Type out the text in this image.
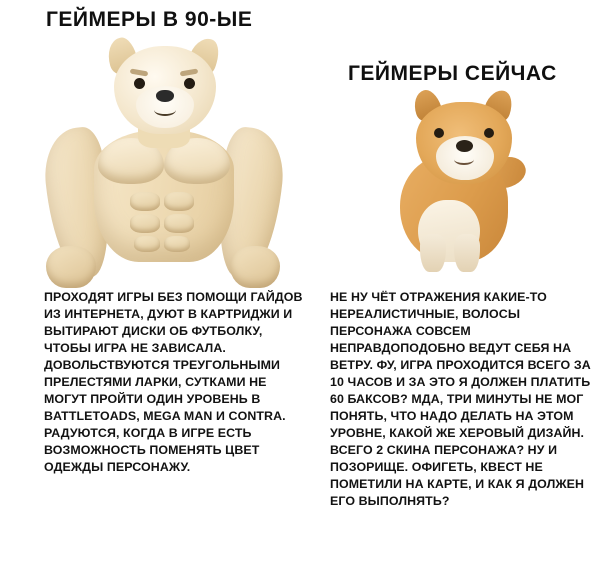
ГЕЙМЕРЫ В 90-ЫЕ
ПРОХОДЯТ ИГРЫ БЕЗ ПОМОЩИ ГАЙДОВ ИЗ ИНТЕРНЕТА, ДУЮТ В КАРТРИДЖИ И ВЫТИРАЮТ ДИСКИ ОБ ФУТБОЛКУ, ЧТОБЫ ИГРА НЕ ЗАВИСАЛА. ДОВОЛЬСТВУЮТСЯ ТРЕУГОЛЬНЫМИ ПРЕЛЕСТЯМИ ЛАРКИ, СУТКАМИ НЕ МОГУТ ПРОЙТИ ОДИН УРОВЕНЬ В BATTLETOADS, MEGA MAN И CONTRA. РАДУЮТСЯ, КОГДА В ИГРЕ ЕСТЬ ВОЗМОЖНОСТЬ ПОМЕНЯТЬ ЦВЕТ ОДЕЖДЫ ПЕРСОНАЖУ.
ГЕЙМЕРЫ СЕЙЧАС
НЕ НУ ЧЁТ ОТРАЖЕНИЯ КАКИЕ-ТО НЕРЕАЛИСТИЧНЫЕ, ВОЛОСЫ ПЕРСОНАЖА СОВСЕМ НЕПРАВДОПОДОБНО ВЕДУТ СЕБЯ НА ВЕТРУ. ФУ, ИГРА ПРОХОДИТСЯ ВСЕГО ЗА 10 ЧАСОВ И ЗА ЭТО Я ДОЛЖЕН ПЛАТИТЬ 60 БАКСОВ? МДА, ТРИ МИНУТЫ НЕ МОГ ПОНЯТЬ, ЧТО НАДО ДЕЛАТЬ НА ЭТОМ УРОВНЕ, КАКОЙ ЖЕ ХЕРОВЫЙ ДИЗАЙН. ВСЕГО 2 СКИНА ПЕРСОНАЖА? НУ И ПОЗОРИЩЕ. ОФИГЕТЬ, КВЕСТ НЕ ПОМЕТИЛИ НА КАРТЕ, И КАК Я ДОЛЖЕН ЕГО ВЫПОЛНЯТЬ?
